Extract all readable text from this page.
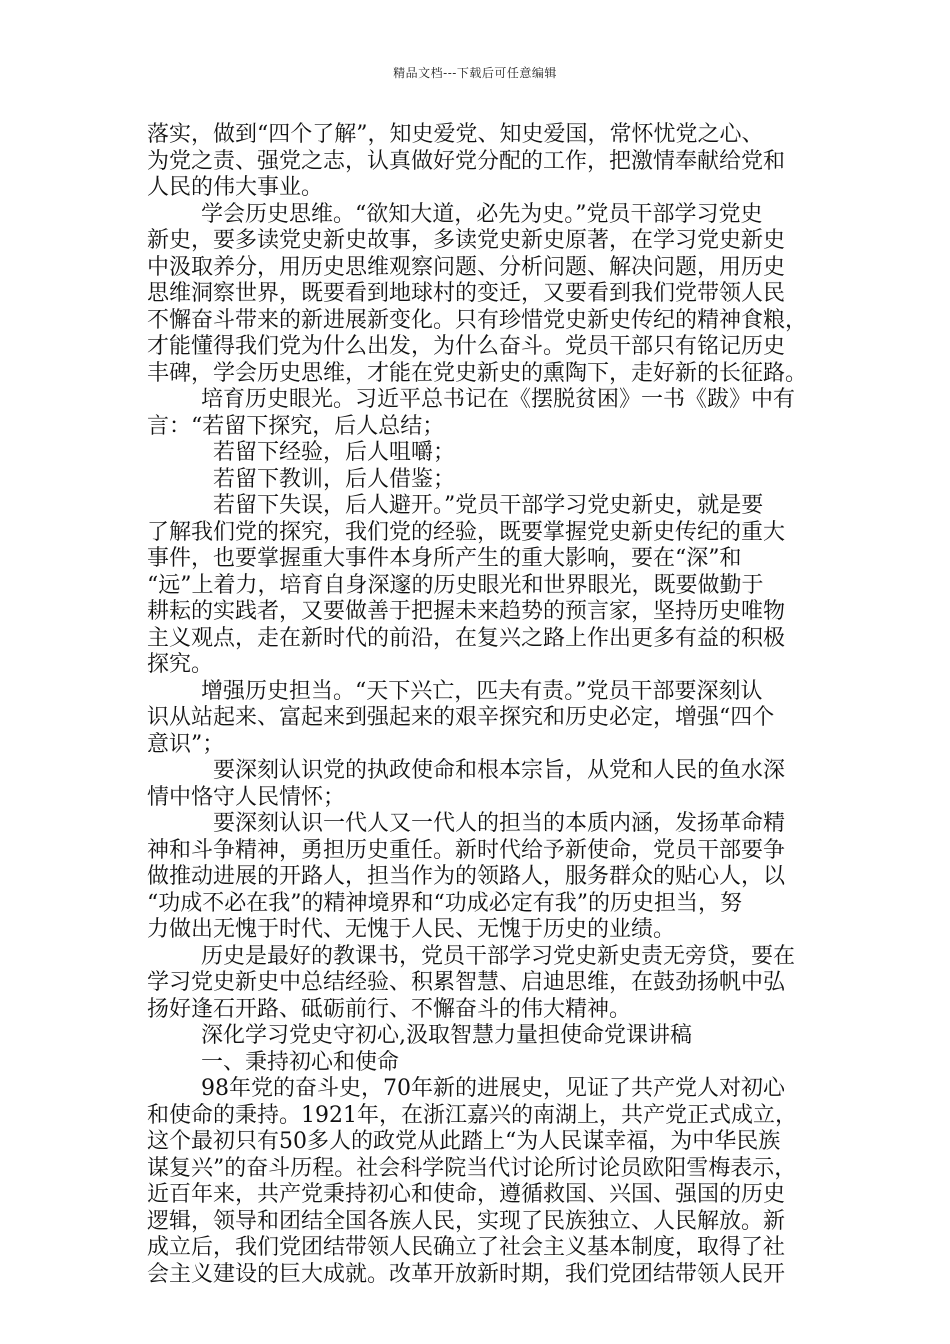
精品文档---下载后可任意编辑
落实，做到“四个了解”，知史爱党、知史爱国，常怀忧党之心、
为党之责、强党之志，认真做好党分配的工作，把激情奉献给党和
人民的伟大事业。
学会历史思维。“欲知大道，必先为史。”党员干部学习党史
新史，要多读党史新史故事，多读党史新史原著，在学习党史新史
中汲取养分，用历史思维观察问题、分析问题、解决问题，用历史
思维洞察世界，既要看到地球村的变迁，又要看到我们党带领人民
不懈奋斗带来的新进展新变化。只有珍惜党史新史传纪的精神食粮，
才能懂得我们党为什么出发，为什么奋斗。党员干部只有铭记历史
丰碑，学会历史思维，才能在党史新史的熏陶下，走好新的长征路。
培育历史眼光。习近平总书记在《摆脱贫困》一书《跋》中有
言：“若留下探究，后人总结；
若留下经验，后人咀嚼；
若留下教训，后人借鉴；
若留下失误，后人避开。”党员干部学习党史新史，就是要
了解我们党的探究，我们党的经验，既要掌握党史新史传纪的重大
事件，也要掌握重大事件本身所产生的重大影响，要在“深”和
“远”上着力，培育自身深邃的历史眼光和世界眼光，既要做勤于
耕耘的实践者，又要做善于把握未来趋势的预言家，坚持历史唯物
主义观点，走在新时代的前沿，在复兴之路上作出更多有益的积极
探究。
增强历史担当。“天下兴亡，匹夫有责。”党员干部要深刻认
识从站起来、富起来到强起来的艰辛探究和历史必定，增强“四个
意识”；
要深刻认识党的执政使命和根本宗旨，从党和人民的鱼水深
情中恪守人民情怀；
要深刻认识一代人又一代人的担当的本质内涵，发扬革命精
神和斗争精神，勇担历史重任。新时代给予新使命，党员干部要争
做推动进展的开路人，担当作为的领路人，服务群众的贴心人，以
“功成不必在我”的精神境界和“功成必定有我”的历史担当，努
力做出无愧于时代、无愧于人民、无愧于历史的业绩。
历史是最好的教课书，党员干部学习党史新史责无旁贷，要在
学习党史新史中总结经验、积累智慧、启迪思维，在鼓劲扬帆中弘
扬好逢石开路、砥砺前行、不懈奋斗的伟大精神。
深化学习党史守初心,汲取智慧力量担使命党课讲稿
一、秉持初心和使命
98年党的奋斗史，70年新的进展史，见证了共产党人对初心
和使命的秉持。1921年，在浙江嘉兴的南湖上，共产党正式成立，
这个最初只有50多人的政党从此踏上“为人民谋幸福，为中华民族
谋复兴”的奋斗历程。社会科学院当代讨论所讨论员欧阳雪梅表示，
近百年来，共产党秉持初心和使命，遵循救国、兴国、强国的历史
逻辑，领导和团结全国各族人民，实现了民族独立、人民解放。新
成立后，我们党团结带领人民确立了社会主义基本制度，取得了社
会主义建设的巨大成就。改革开放新时期，我们党团结带领人民开
